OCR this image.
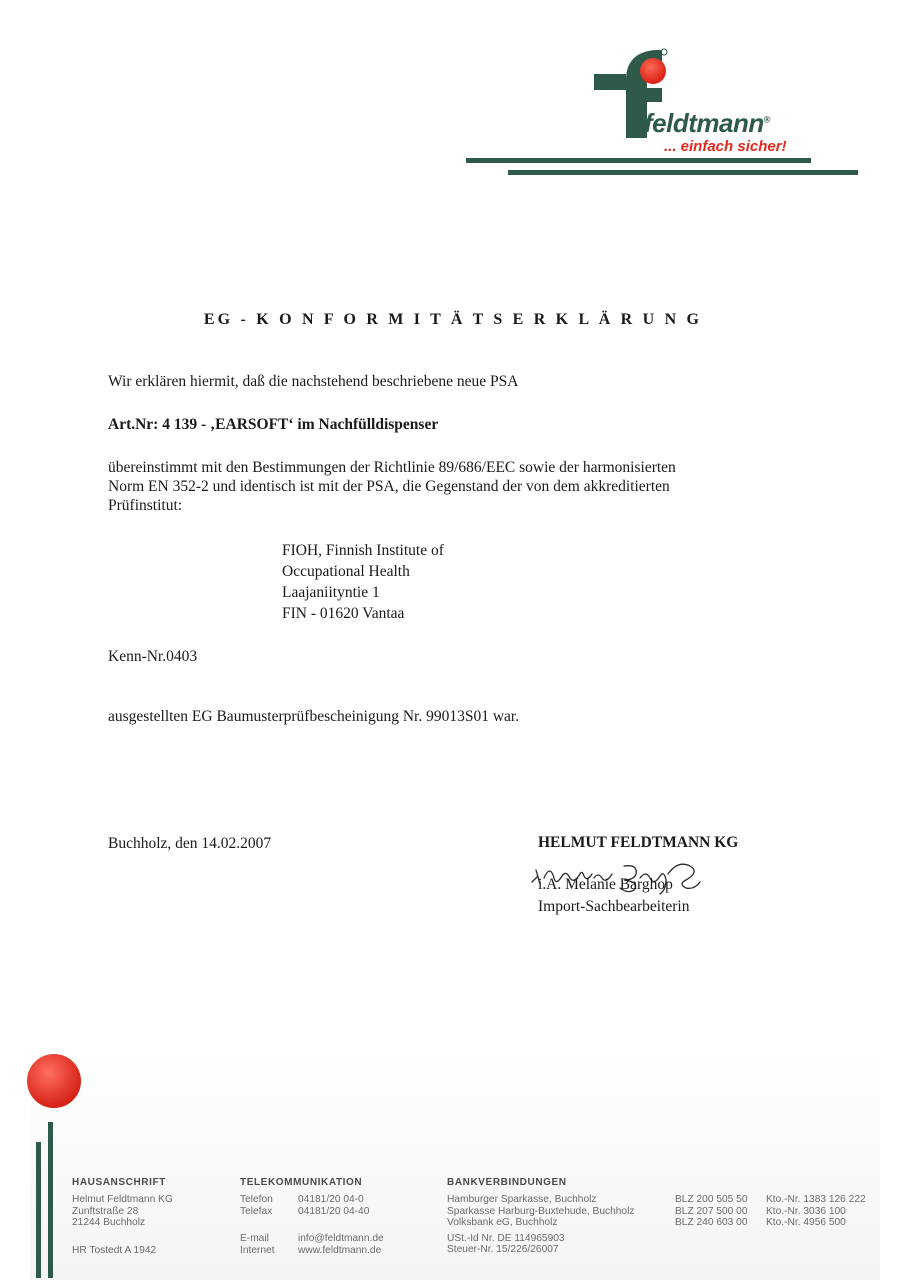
feldtmann®
... einfach sicher!
EG - K O N F O R M I T Ä T S E R K L Ä R U N G
Wir erklären hiermit, daß die nachstehend beschriebene neue PSA
Art.Nr: 4 139 - ‚EARSOFT‘ im Nachfülldispenser
übereinstimmt mit den Bestimmungen der Richtlinie 89/686/EEC sowie der harmonisierten
Norm EN 352-2 und identisch ist mit der PSA, die Gegenstand der von dem akkreditierten
Prüfinstitut:
FIOH, Finnish Institute of
Occupational Health
Laajaniityntie 1
FIN - 01620 Vantaa
Kenn-Nr.0403
ausgestellten EG Baumusterprüfbescheinigung Nr. 99013S01 war.
Buchholz, den 14.02.2007	HELMUT FELDTMANN KG
i.A. Melanie Barghop
Import-Sachbearbeiterin
HAUSANSCHRIFT
Helmut Feldtmann KG
Zunftstraße 28
21244 Buchholz
HR Tostedt A 1942
TELEKOMMUNIKATION
Telefon	04181/20 04-0
Telefax	04181/20 04-40
E-mail	info@feldtmann.de
Internet	www.feldtmann.de
BANKVERBINDUNGEN
Hamburger Sparkasse, Buchholz	BLZ 200 505 50	Kto.-Nr. 1383 126 222
Sparkasse Harburg-Buxtehude, Buchholz	BLZ 207 500 00	Kto.-Nr. 3036 100
Volksbank eG, Buchholz	BLZ 240 603 00	Kto.-Nr. 4956 500
USt.-Id Nr. DE 114965903
Steuer-Nr. 15/226/26007
